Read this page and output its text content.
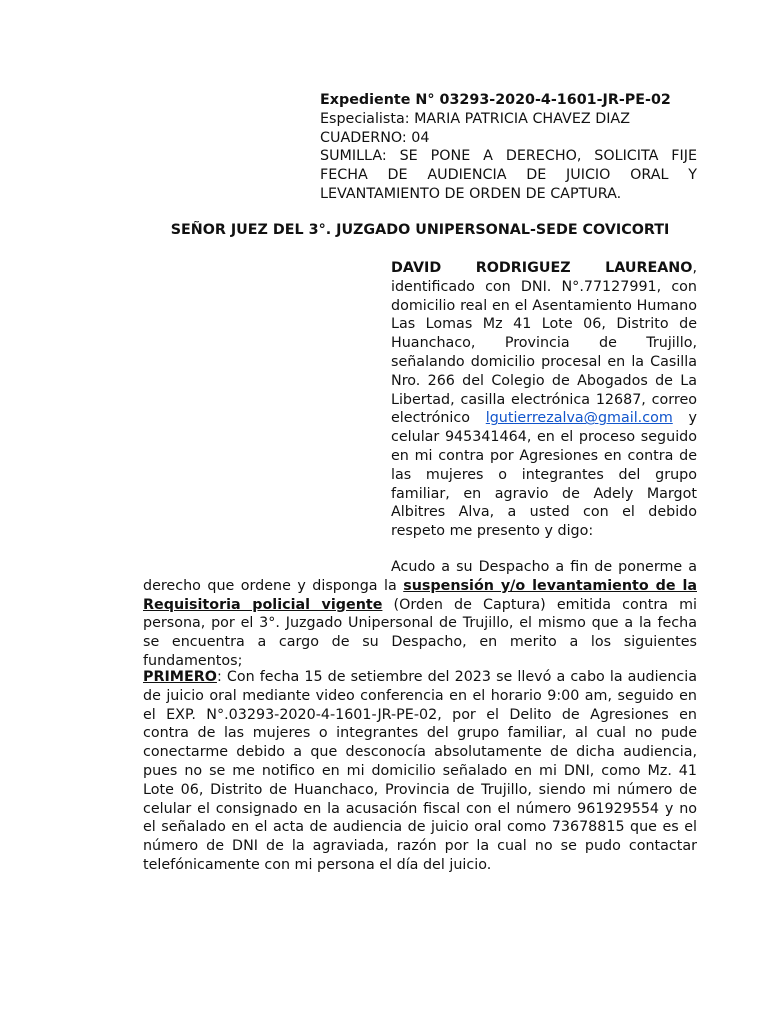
Expediente N° 03293-2020-4-1601-JR-PE-02
Especialista: MARIA PATRICIA CHAVEZ DIAZ
CUADERNO: 04
SUMILLA: SE PONE A DERECHO, SOLICITA FIJE FECHA DE AUDIENCIA DE JUICIO ORAL Y LEVANTAMIENTO DE ORDEN DE CAPTURA.
SEÑOR JUEZ DEL 3°. JUZGADO UNIPERSONAL-SEDE COVICORTI
DAVID RODRIGUEZ LAUREANO,
identificado con DNI. N°.77127991, con domicilio real en el Asentamiento Humano Las Lomas Mz 41 Lote 06, Distrito de Huanchaco, Provincia de Trujillo, señalando domicilio procesal en la Casilla Nro. 266 del Colegio de Abogados de La Libertad, casilla electrónica 12687, correo electrónico lgutierrezalva@gmail.com y celular 945341464, en el proceso seguido en mi contra por Agresiones en contra de las mujeres o integrantes del grupo familiar, en agravio de Adely Margot Albitres Alva, a usted con el debido respeto me presento y digo:
Acudo a su Despacho a fin de ponerme a derecho que ordene y disponga la suspensión y/o levantamiento de la Requisitoria policial vigente (Orden de Captura) emitida contra mi persona, por el 3°. Juzgado Unipersonal de Trujillo, el mismo que a la fecha se encuentra a cargo de su Despacho, en merito a los siguientes fundamentos;
PRIMERO: Con fecha 15 de setiembre del 2023 se llevó a cabo la audiencia de juicio oral mediante video conferencia en el horario 9:00 am, seguido en el EXP. N°.03293-2020-4-1601-JR-PE-02, por el Delito de Agresiones en contra de las mujeres o integrantes del grupo familiar, al cual no pude conectarme debido a que desconocía absolutamente de dicha audiencia, pues no se me notifico en mi domicilio señalado en mi DNI, como Mz. 41 Lote 06, Distrito de Huanchaco, Provincia de Trujillo, siendo mi número de celular el consignado en la acusación fiscal con el número 961929554 y no el señalado en el acta de audiencia de juicio oral como 73678815 que es el número de DNI de la agraviada, razón por la cual no se pudo contactar telefónicamente con mi persona el día del juicio.
